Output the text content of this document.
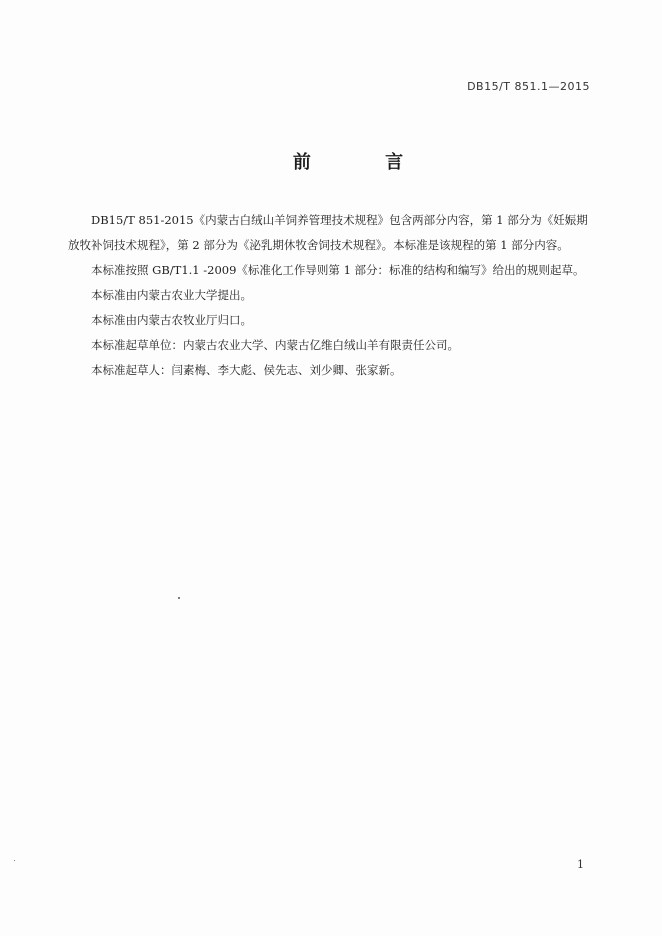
DB15/T 851.1—2015
前 言

DB15/T 851-2015《内蒙古白绒山羊饲养管理技术规程》包含两部分内容，第 1 部分为《妊娠期放牧补饲技术规程》，第 2 部分为《泌乳期休牧舍饲技术规程》。本标准是该规程的第 1 部分内容。

本标准按照 GB/T1.1 -2009《标准化工作导则第 1 部分：标准的结构和编写》给出的规则起草。

本标准由内蒙古农业大学提出。

本标准由内蒙古农牧业厅归口。

本标准起草单位：内蒙古农业大学、内蒙古亿维白绒山羊有限责任公司。

本标准起草人：闫素梅、李大彪、侯先志、刘少卿、张家新。

1
